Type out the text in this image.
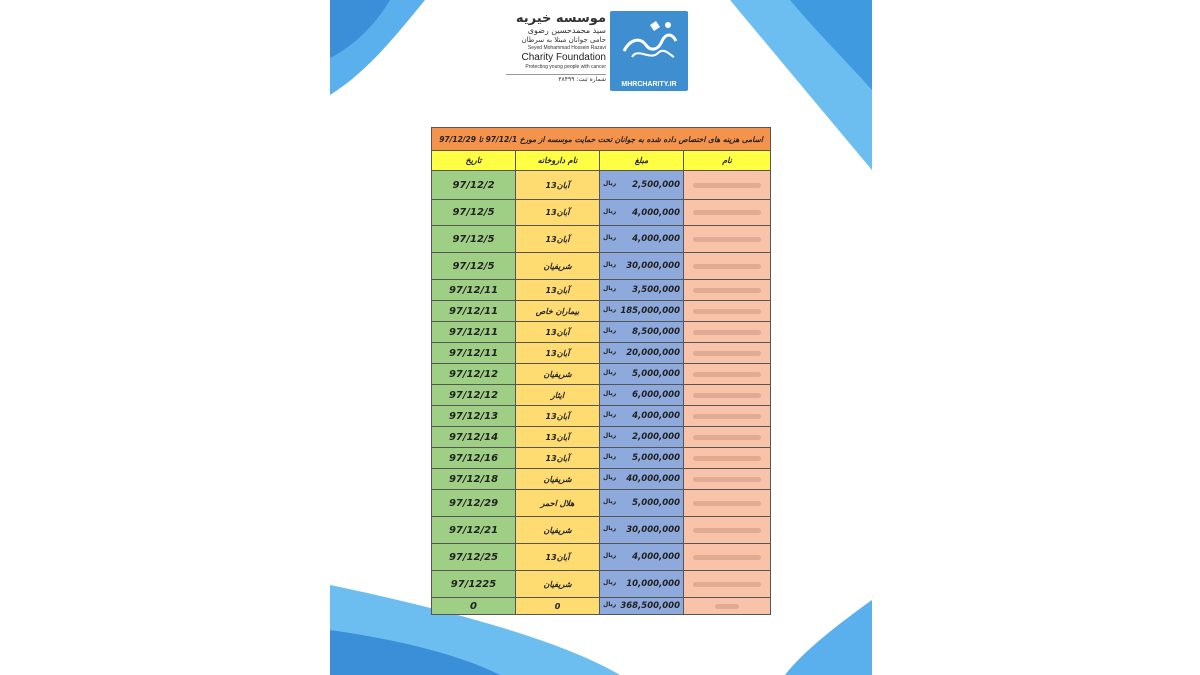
موسسه خیریه
سید محمدحسین رضوی
حامی جوانان مبتلا به سرطان
Seyed Mohammad Hossein Razavi
Charity Foundation
Protecting young people with cancer
شماره ثبت: ۳۸۴۹۹
MHRCHARITY.IR
اسامی هزینه های اختصاص داده شده به جوانان تحت حمایت موسسه از مورخ 97/12/1 تا 97/12/29			
تاریخ	نام داروخانه	مبلغ	نام
97/12/2	13آبان	ریال 2,500,000	

97/12/5	13آبان	ریال 4,000,000	

97/12/5	13آبان	ریال 4,000,000	

97/12/5	شریفیان	ریال 30,000,000	

97/12/11	13آبان	ریال 3,500,000	

97/12/11	بیماران خاص	ریال 185,000,000	

97/12/11	13آبان	ریال 8,500,000	

97/12/11	13آبان	ریال 20,000,000	

97/12/12	شریفیان	ریال 5,000,000	

97/12/12	ایثار	ریال 6,000,000	

97/12/13	13آبان	ریال 4,000,000	

97/12/14	13آبان	ریال 2,000,000	

97/12/16	13آبان	ریال 5,000,000	

97/12/18	شریفیان	ریال 40,000,000	

97/12/29	هلال احمر	ریال 5,000,000	

97/12/21	شریفیان	ریال 30,000,000	

97/12/25	13آبان	ریال 4,000,000	

97/1225	شریفیان	ریال 10,000,000	

0	0	ریال 368,500,000	
